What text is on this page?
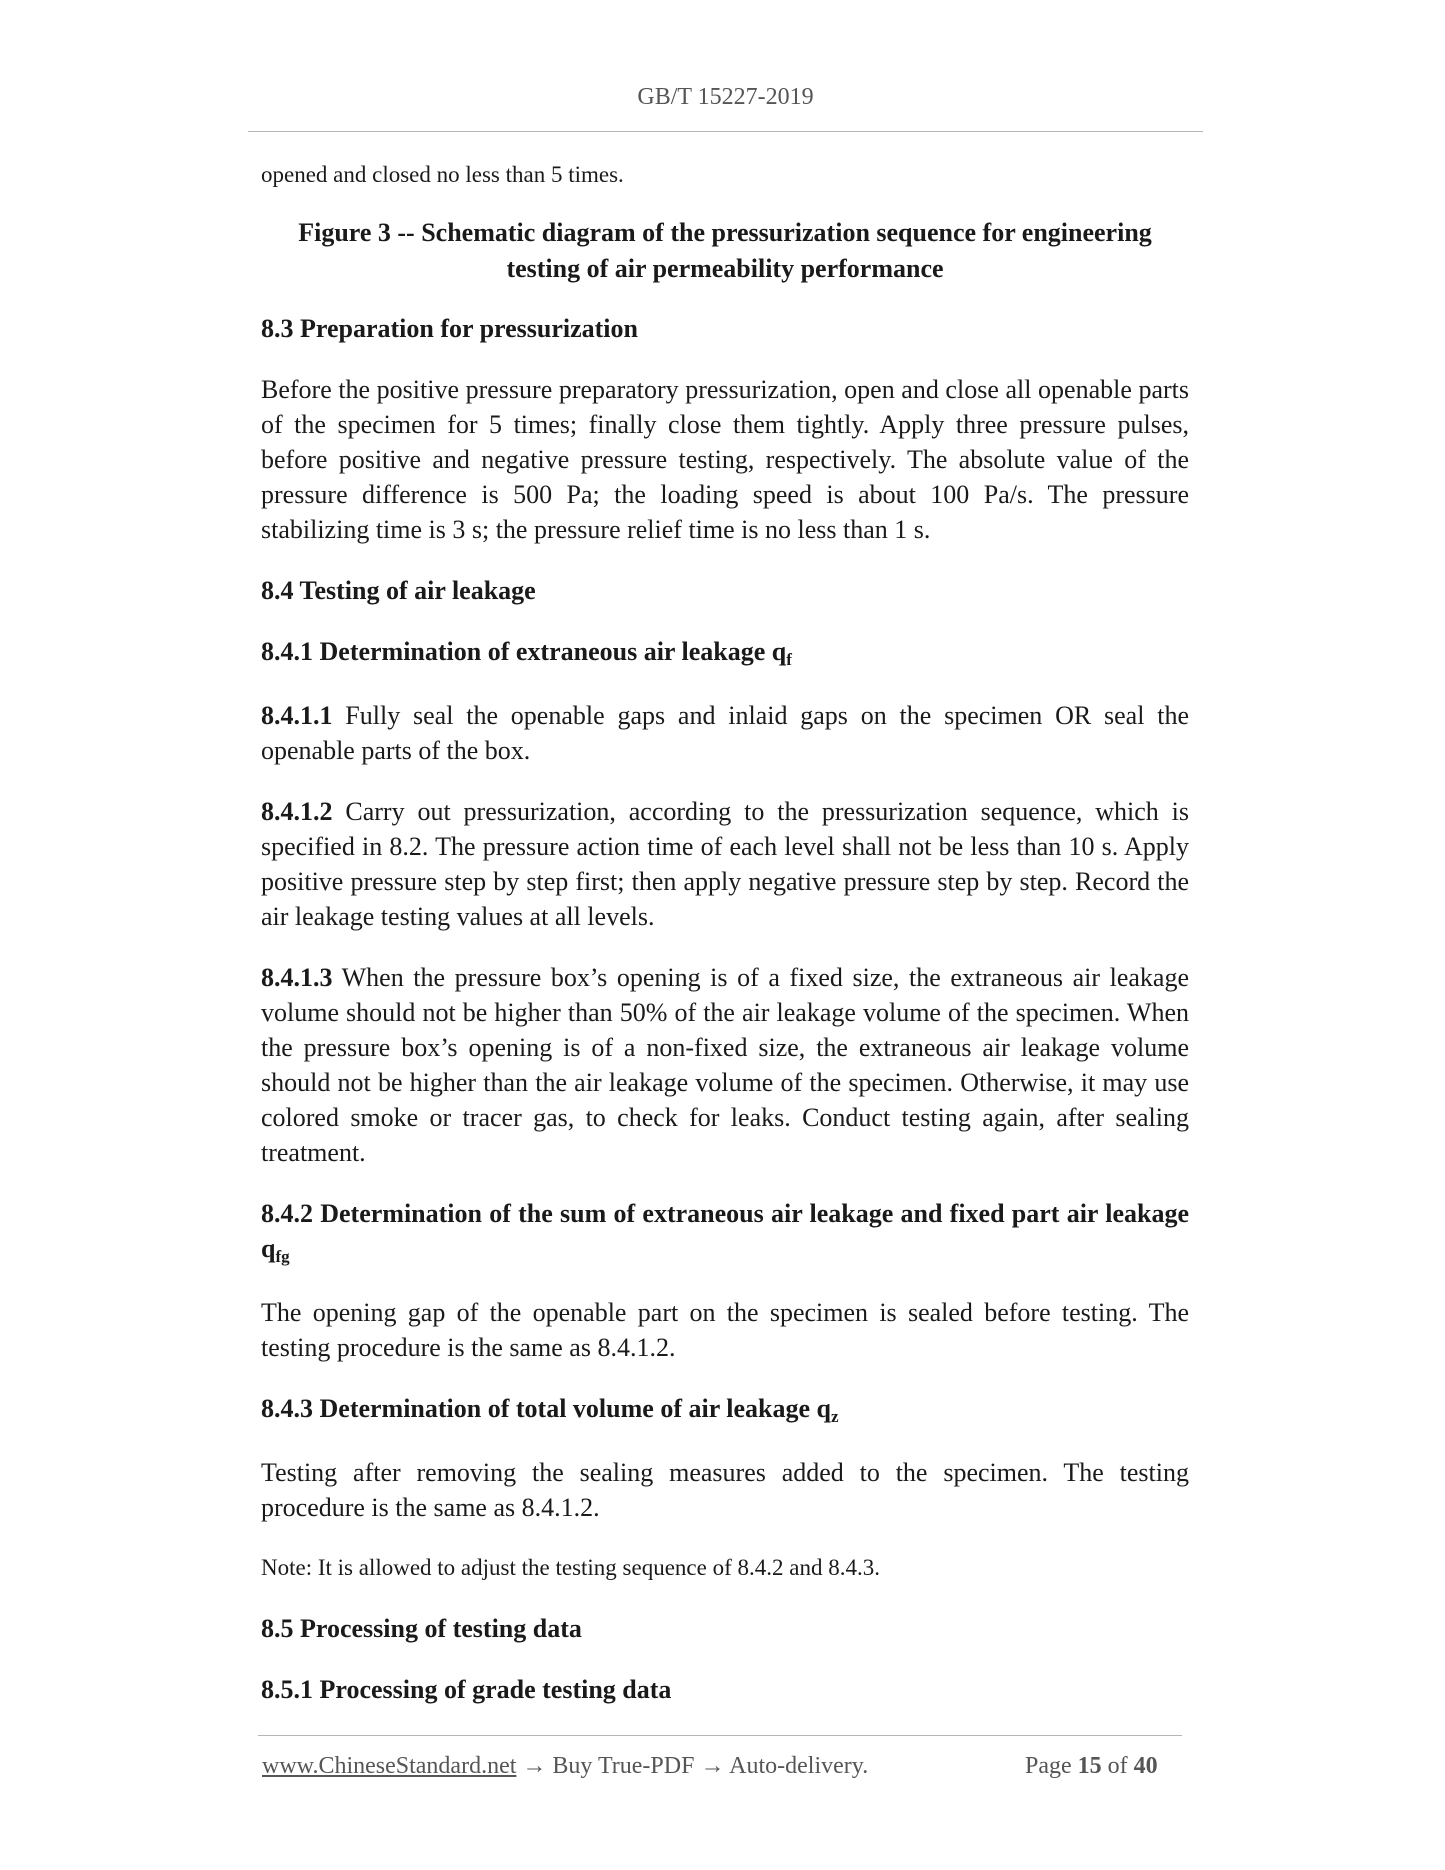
GB/T 15227-2019

opened and closed no less than 5 times.

Figure 3 -- Schematic diagram of the pressurization sequence for engineering

testing of air permeability performance

8.3 Preparation for pressurization

Before the positive pressure preparatory pressurization, open and close all openable parts of the specimen for 5 times; finally close them tightly. Apply three pressure pulses, before positive and negative pressure testing, respectively. The absolute value of the pressure difference is 500 Pa; the loading speed is about 100 Pa/s. The pressure stabilizing time is 3 s; the pressure relief time is no less than 1 s.

8.4 Testing of air leakage

8.4.1 Determination of extraneous air leakage qf

8.4.1.1 Fully seal the openable gaps and inlaid gaps on the specimen OR seal the openable parts of the box.

8.4.1.2 Carry out pressurization, according to the pressurization sequence, which is specified in 8.2. The pressure action time of each level shall not be less than 10 s. Apply positive pressure step by step first; then apply negative pressure step by step. Record the air leakage testing values at all levels.

8.4.1.3 When the pressure box’s opening is of a fixed size, the extraneous air leakage volume should not be higher than 50% of the air leakage volume of the specimen. When the pressure box’s opening is of a non-fixed size, the extraneous air leakage volume should not be higher than the air leakage volume of the specimen. Otherwise, it may use colored smoke or tracer gas, to check for leaks. Conduct testing again, after sealing treatment.

8.4.2 Determination of the sum of extraneous air leakage and fixed part air leakage qfg

The opening gap of the openable part on the specimen is sealed before testing. The testing procedure is the same as 8.4.1.2.

8.4.3 Determination of total volume of air leakage qz

Testing after removing the sealing measures added to the specimen. The testing procedure is the same as 8.4.1.2.

Note: It is allowed to adjust the testing sequence of 8.4.2 and 8.4.3.

8.5 Processing of testing data

8.5.1 Processing of grade testing data

www.ChineseStandard.net → Buy True-PDF → Auto-delivery.	Page 15 of 40
